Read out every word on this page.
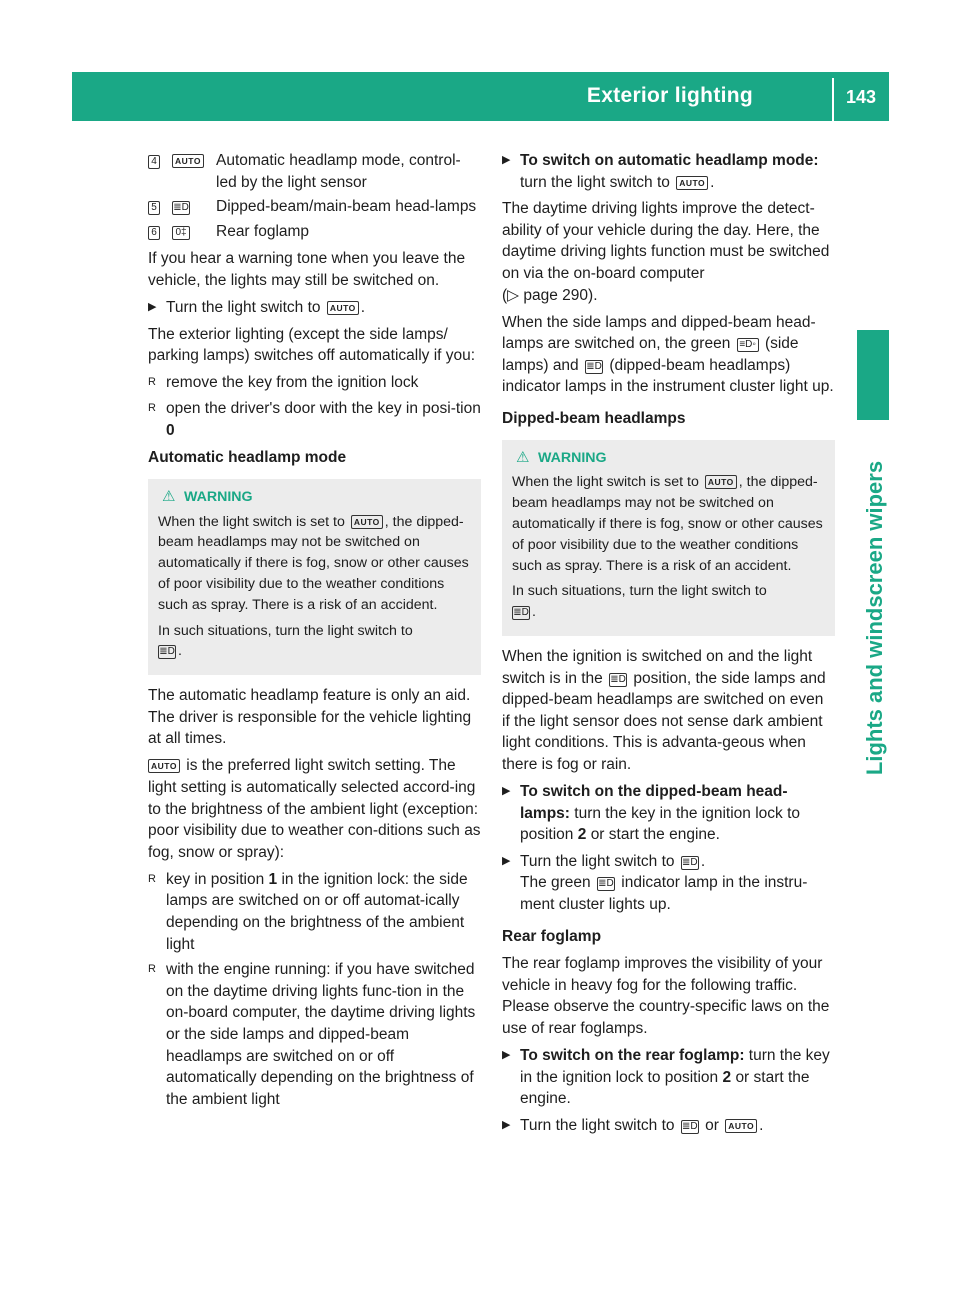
Exterior lighting	143
Lights and windscreen wipers
4	AUTO Automatic headlamp mode, control-led by the light sensor
5	≣D	Dipped-beam/main-beam head-lamps
6	0‡	Rear foglamp

If you hear a warning tone when you leave the vehicle, the lights may still be switched on.

▶ Turn the light switch to AUTO .

The exterior lighting (except the side lamps/ parking lamps) switches off automatically if you:

R remove the key from the ignition lock
R open the driver's door with the key in posi-tion 0

Automatic headlamp mode

⚠ WARNING

When the light switch is set to AUTO , the dipped-beam headlamps may not be switched on automatically if there is fog, snow or other causes of poor visibility due to the weather conditions such as spray. There is a risk of an accident.

In such situations, turn the light switch to
≣D .

The automatic headlamp feature is only an aid. The driver is responsible for the vehicle lighting at all times.

AUTO is the preferred light switch setting. The light setting is automatically selected accord-ing to the brightness of the ambient light (exception: poor visibility due to weather con-ditions such as fog, snow or spray):

R key in position 1 in the ignition lock: the side lamps are switched on or off automat-ically depending on the brightness of the ambient light
R with the engine running: if you have switched on the daytime driving lights func-tion in the on-board computer, the daytime driving lights or the side lamps and dipped-beam headlamps are switched on or off automatically depending on the brightness of the ambient light
▶ To switch on automatic headlamp mode: turn the light switch to AUTO .

The daytime driving lights improve the detect-ability of your vehicle during the day. Here, the daytime driving lights function must be switched on via the on-board computer
(▷ page 290).

When the side lamps and dipped-beam head-lamps are switched on, the green ≡D◦ (side lamps) and ≣D (dipped-beam headlamps) indicator lamps in the instrument cluster light up.

Dipped-beam headlamps

⚠ WARNING

When the light switch is set to AUTO , the dipped-beam headlamps may not be switched on automatically if there is fog, snow or other causes of poor visibility due to the weather conditions such as spray. There is a risk of an accident.

In such situations, turn the light switch to
≣D .

When the ignition is switched on and the light switch is in the ≣D position, the side lamps and dipped-beam headlamps are switched on even if the light sensor does not sense dark ambient light conditions. This is advanta-geous when there is fog or rain.

▶ To switch on the dipped-beam head-lamps: turn the key in the ignition lock to position 2 or start the engine.
▶ Turn the light switch to ≣D .
The green ≣D indicator lamp in the instru-ment cluster lights up.

Rear foglamp

The rear foglamp improves the visibility of your vehicle in heavy fog for the following traffic. Please observe the country-specific laws on the use of rear foglamps.

▶ To switch on the rear foglamp: turn the key in the ignition lock to position 2 or start the engine.
▶ Turn the light switch to ≣D or AUTO .
